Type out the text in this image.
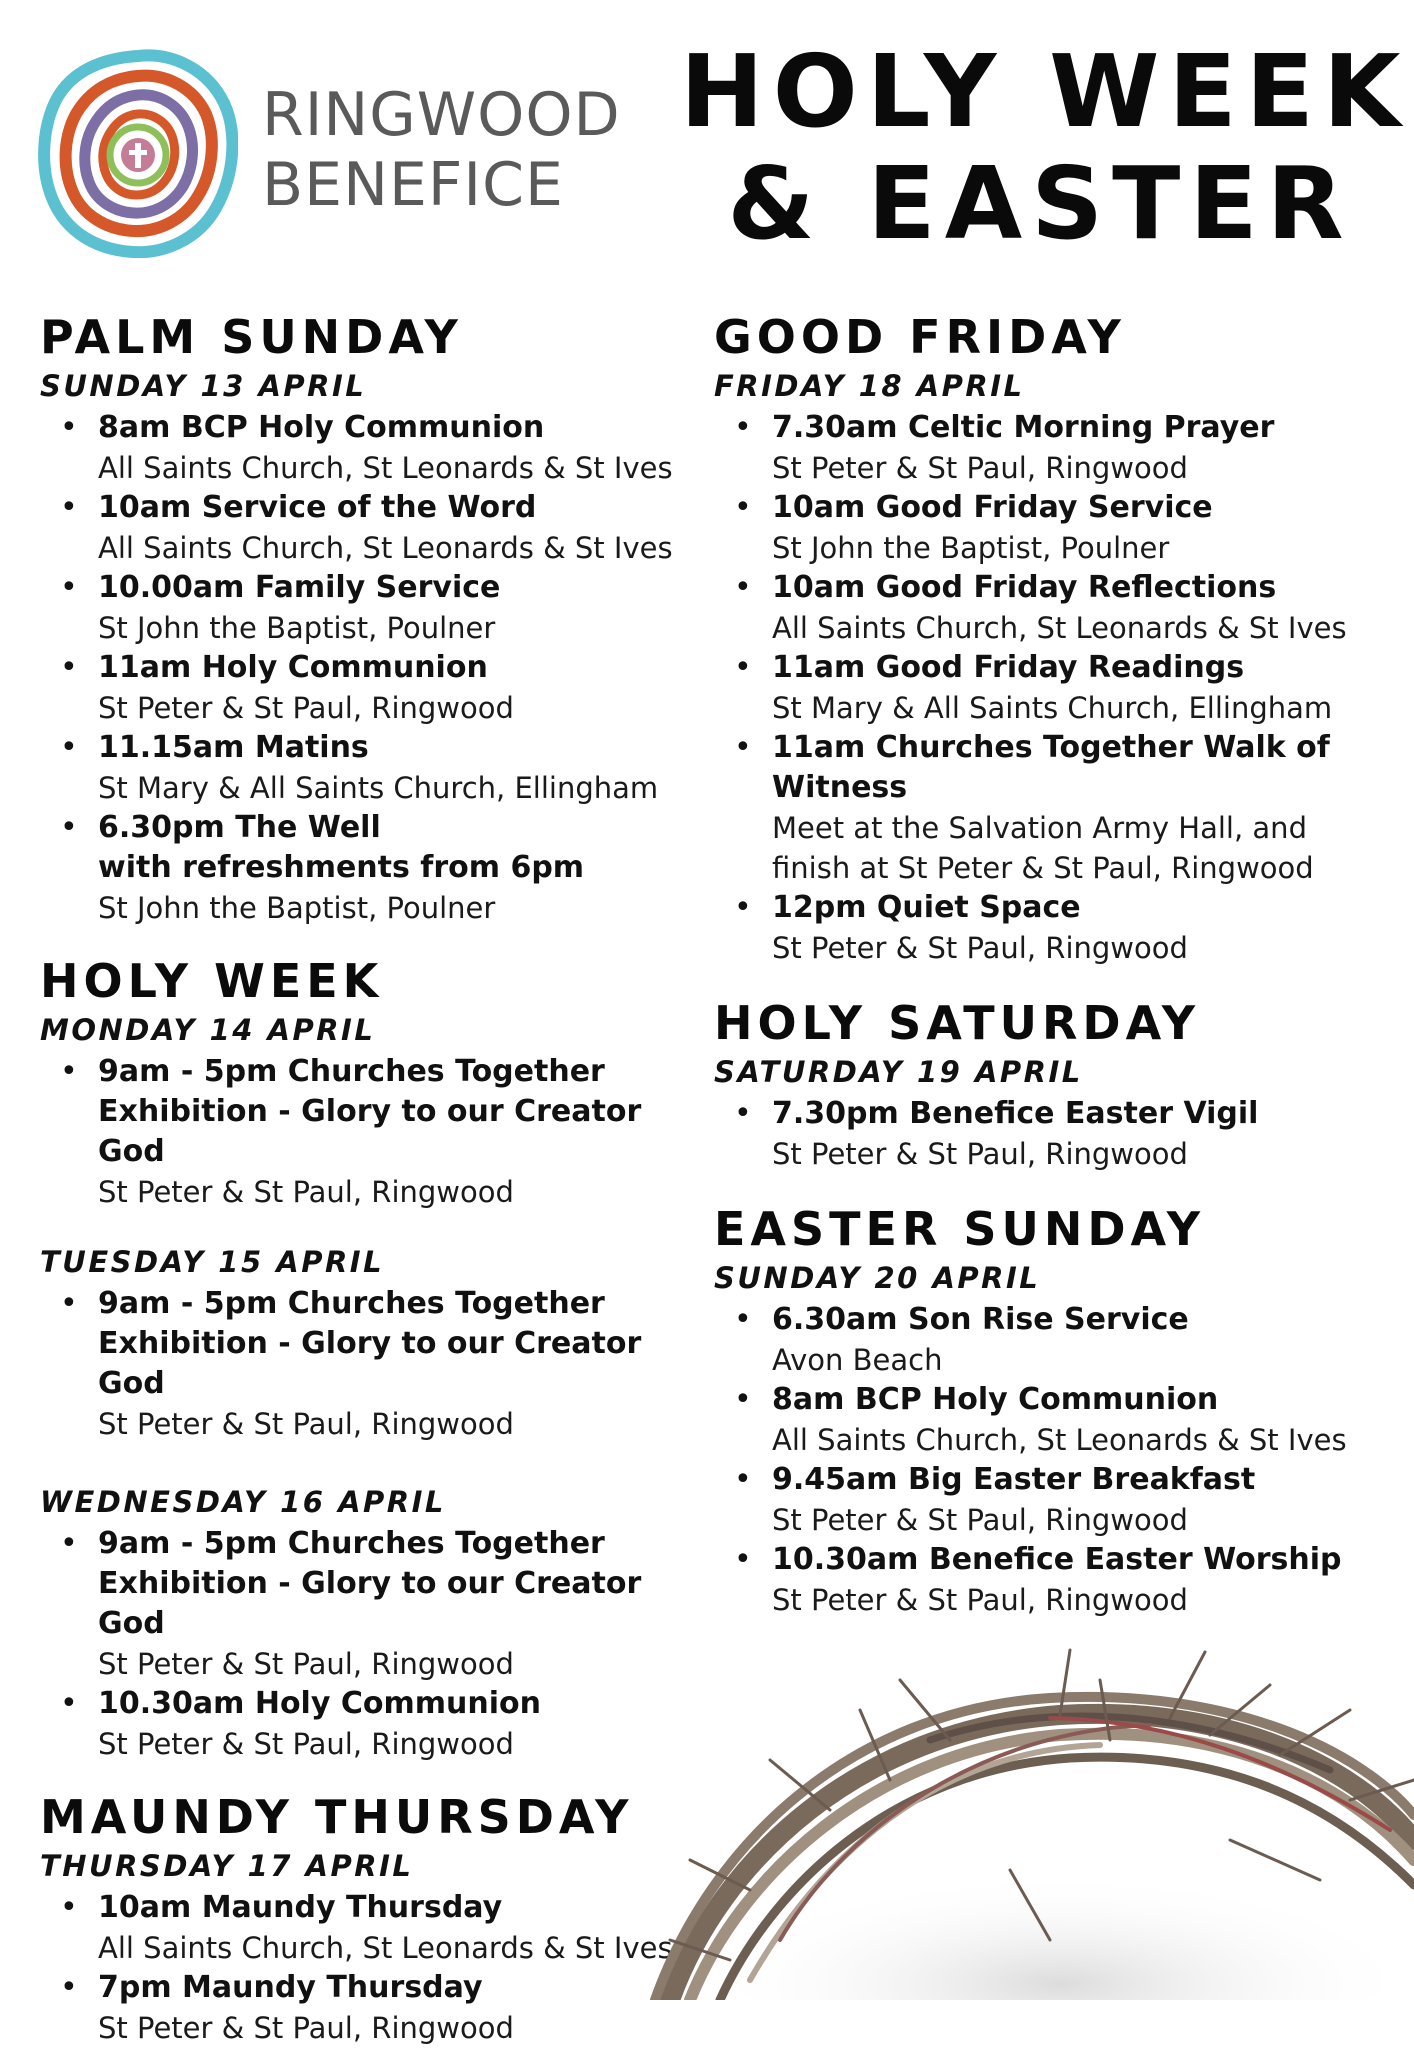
RINGWOOD
BENEFICE
HOLY WEEK
& EASTER
PALM SUNDAY
SUNDAY 13 APRIL
• 8am BCP Holy Communion
All Saints Church, St Leonards & St Ives
• 10am Service of the Word
All Saints Church, St Leonards & St Ives
• 10.00am Family Service
St John the Baptist, Poulner
• 11am Holy Communion
St Peter & St Paul, Ringwood
• 11.15am Matins
St Mary & All Saints Church, Ellingham
• 6.30pm The Well
with refreshments from 6pm
St John the Baptist, Poulner
HOLY WEEK
MONDAY 14 APRIL
• 9am - 5pm Churches Together
Exhibition - Glory to our Creator God
St Peter & St Paul, Ringwood
TUESDAY 15 APRIL
• 9am - 5pm Churches Together
Exhibition - Glory to our Creator God
St Peter & St Paul, Ringwood
WEDNESDAY 16 APRIL
• 9am - 5pm Churches Together
Exhibition - Glory to our Creator God
St Peter & St Paul, Ringwood
• 10.30am Holy Communion
St Peter & St Paul, Ringwood
MAUNDY THURSDAY
THURSDAY 17 APRIL
• 10am Maundy Thursday
All Saints Church, St Leonards & St Ives
• 7pm Maundy Thursday
St Peter & St Paul, Ringwood
GOOD FRIDAY
FRIDAY 18 APRIL
• 7.30am Celtic Morning Prayer
St Peter & St Paul, Ringwood
• 10am Good Friday Service
St John the Baptist, Poulner
• 10am Good Friday Reflections
All Saints Church, St Leonards & St Ives
• 11am Good Friday Readings
St Mary & All Saints Church, Ellingham
• 11am Churches Together Walk of
Witness
Meet at the Salvation Army Hall, and
finish at St Peter & St Paul, Ringwood
• 12pm Quiet Space
St Peter & St Paul, Ringwood
HOLY SATURDAY
SATURDAY 19 APRIL
• 7.30pm Benefice Easter Vigil
St Peter & St Paul, Ringwood
EASTER SUNDAY
SUNDAY 20 APRIL
• 6.30am Son Rise Service
Avon Beach
• 8am BCP Holy Communion
All Saints Church, St Leonards & St Ives
• 9.45am Big Easter Breakfast
St Peter & St Paul, Ringwood
• 10.30am Benefice Easter Worship
St Peter & St Paul, Ringwood
